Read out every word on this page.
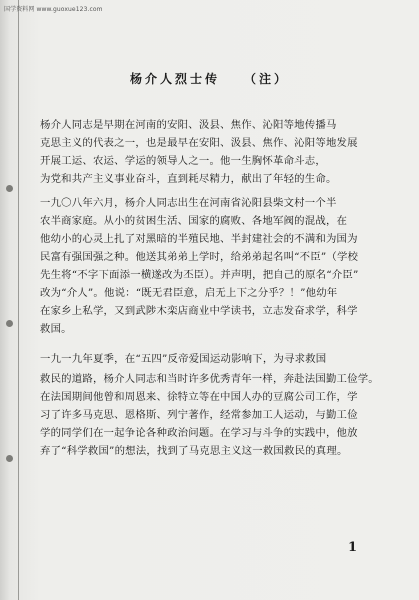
国学资料网 www.guoxue123.com
杨介人烈士传　　（注）
杨介人同志是早期在河南的安阳、汲县、焦作、沁阳等地传播马
克思主义的代表之一，也是最早在安阳、汲县、焦作、沁阳等地发展
开展工运、农运、学运的领导人之一。他一生胸怀革命斗志，
为党和共产主义事业奋斗，直到耗尽精力，献出了年轻的生命。
一九〇八年六月，杨介人同志出生在河南省沁阳县柴文村一个半
农半商家庭。从小的贫困生活、国家的腐败、各地军阀的混战，在
他幼小的心灵上扎了对黑暗的半殖民地、半封建社会的不满和为国为
民富有强国强之种。他送其弟弟上学时，给弟弟起名叫“不臣”（学校
先生将“不字下面添一横遂改为丕臣）。并声明，把自己的原名“介臣”
改为“介人”。他说：“既无君臣意，启无上下之分乎？！”他幼年
在家乡上私学，又到武陟木栾店商业中学读书，立志发奋求学，科学
救国。
一九一九年夏季，在“五四”反帝爱国运动影响下，为寻求救国
救民的道路，杨介人同志和当时许多优秀青年一样，奔赴法国勤工俭学。
在法国期间他曾和周恩来、徐特立等在中国人办的豆腐公司工作，学
习了许多马克思、恩格斯、列宁著作，经常参加工人运动，与勤工俭
学的同学们在一起争论各种政治问题。在学习与斗争的实践中，他放
弃了“科学救国”的想法，找到了马克思主义这一救国救民的真理。
1
